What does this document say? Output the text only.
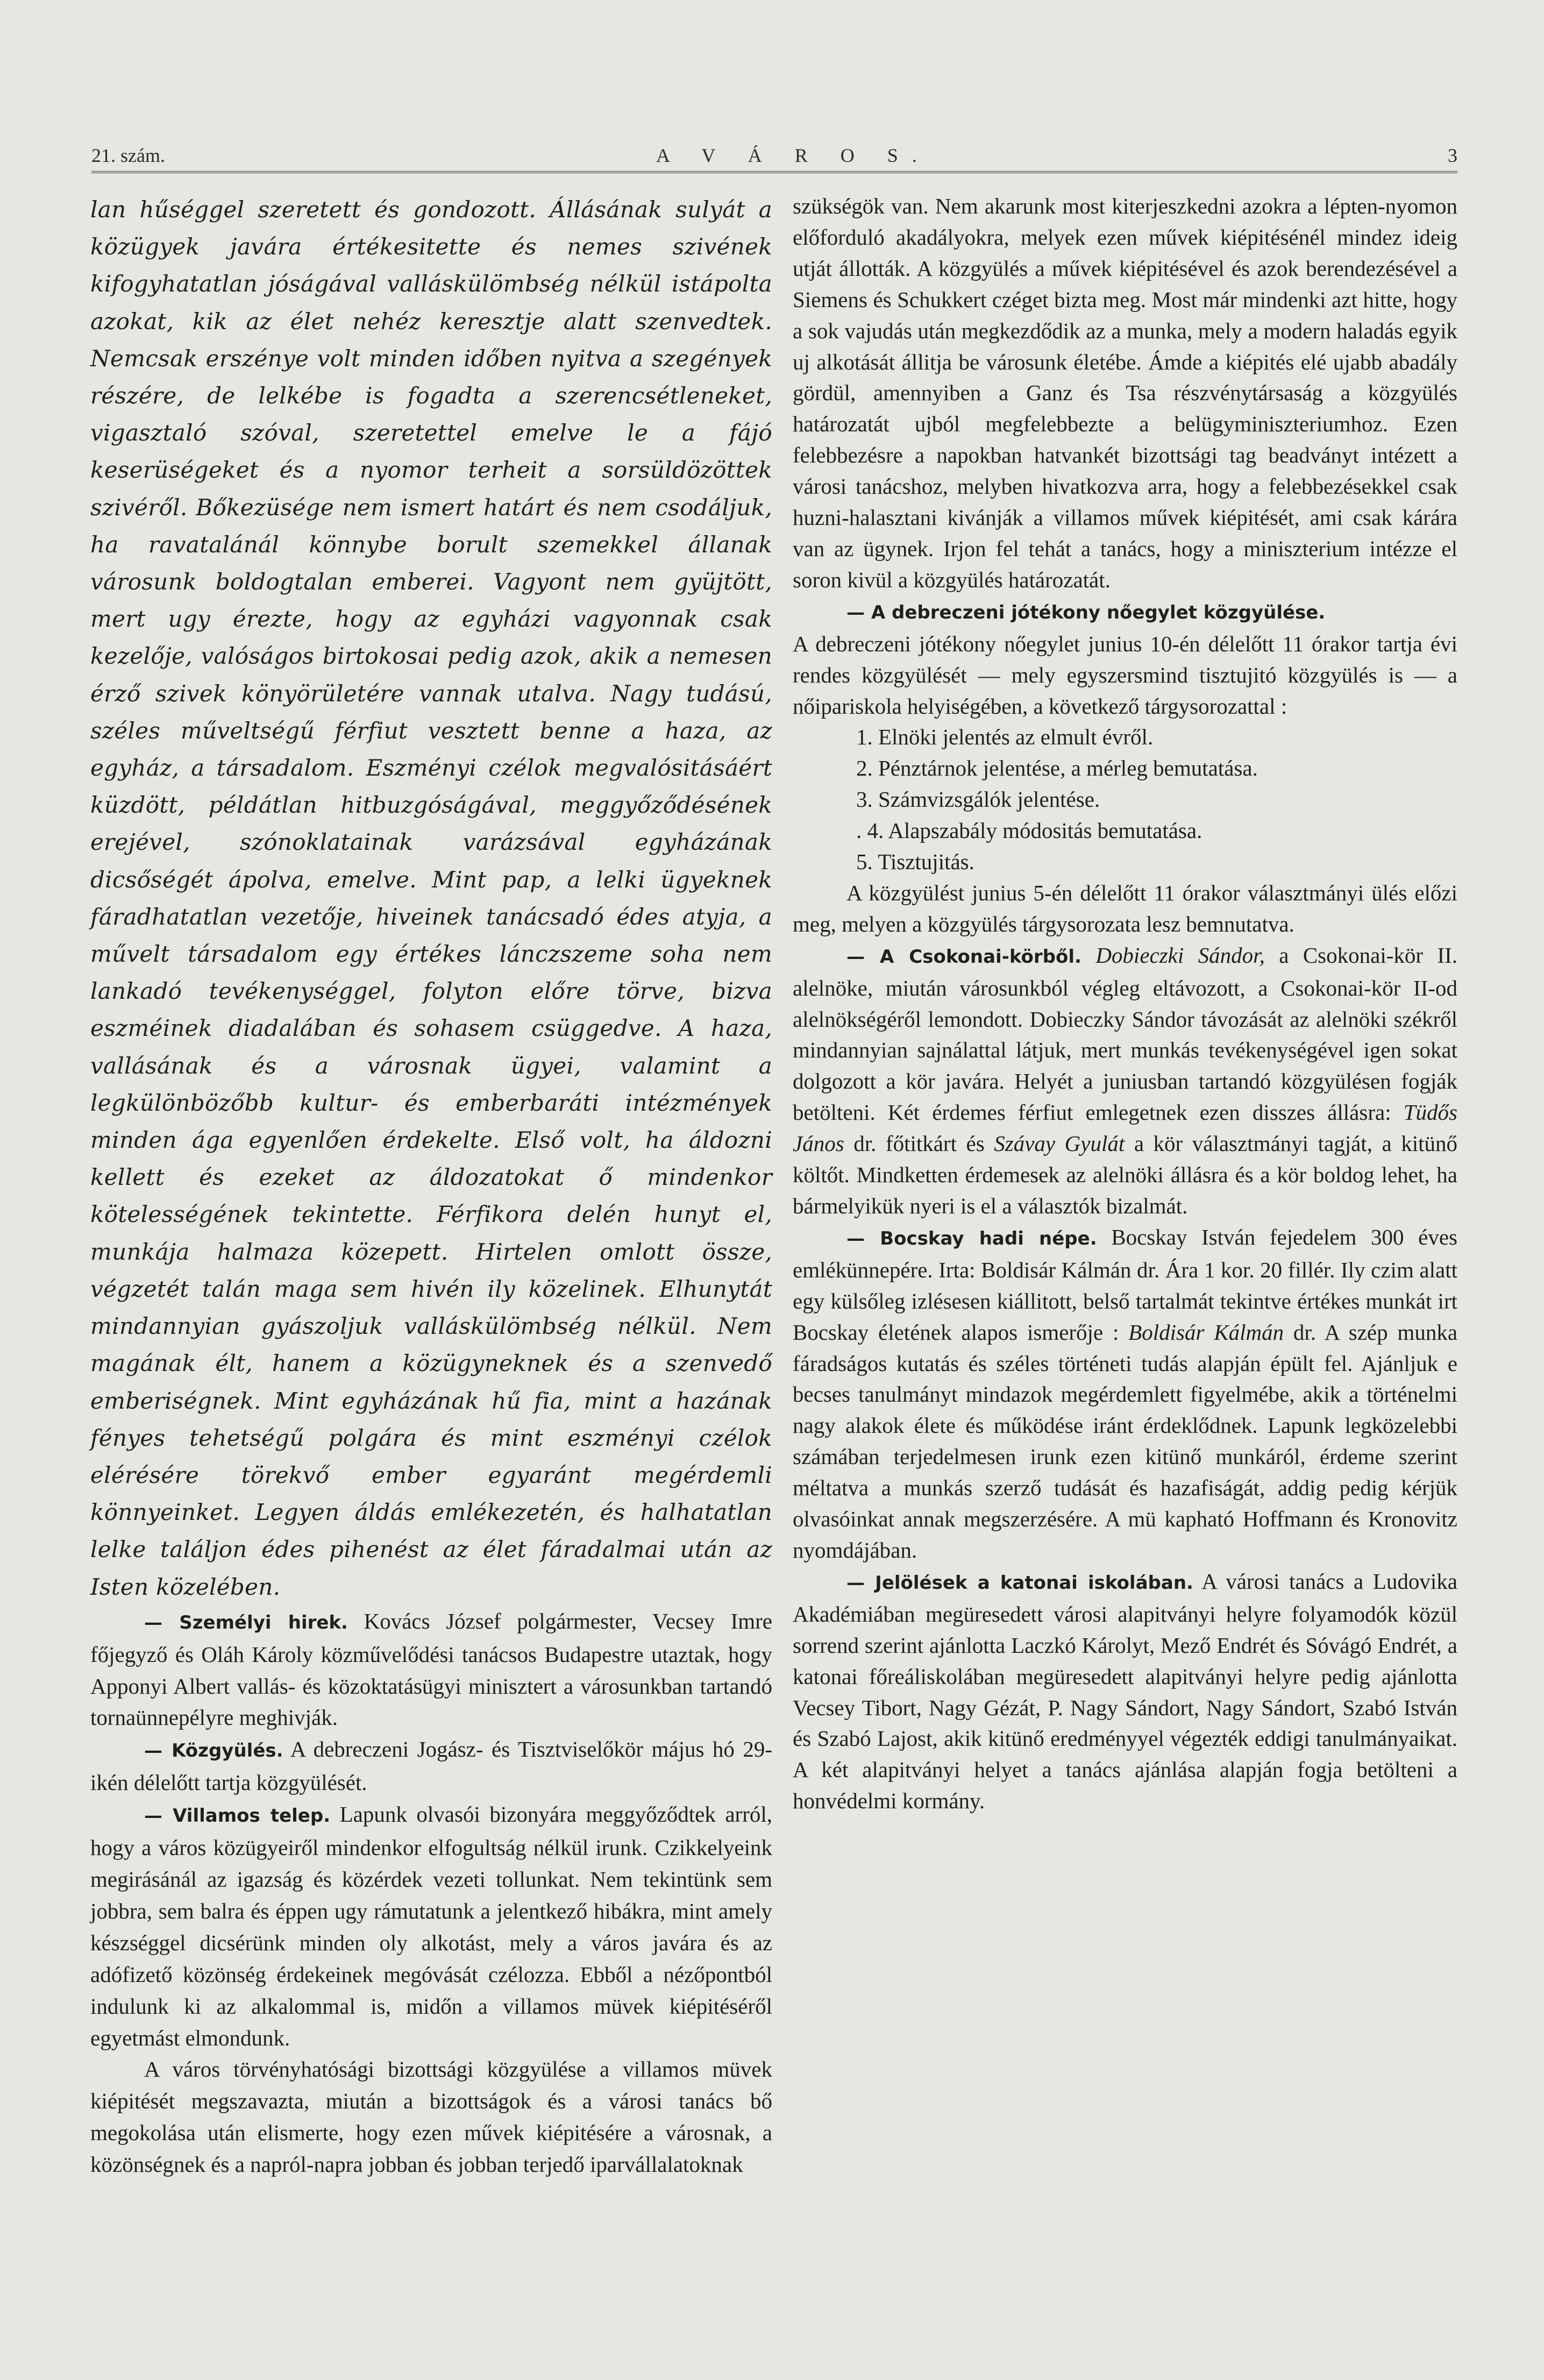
21. szám.	A V Á R O S.	3

lan hűséggel szeretett és gondozott. Állásának sulyát a közügyek javára értékesitette és nemes szivének kifogyhatatlan jóságával valláskülömbség nélkül istápolta azokat, kik az élet nehéz keresztje alatt szenvedtek. Nemcsak erszénye volt minden időben nyitva a szegények részére, de lelkébe is fogadta a szerencsétleneket, vigasztaló szóval, szeretettel emelve le a fájó keserüségeket és a nyomor terheit a sorsüldözöttek szivéről. Bőkezüsége nem ismert határt és nem csodáljuk, ha ravatalánál könnybe borult szemekkel állanak városunk boldogtalan emberei. Vagyont nem gyüjtött, mert ugy érezte, hogy az egyházi vagyonnak csak kezelője, valóságos birtokosai pedig azok, akik a nemesen érző szivek könyörületére vannak utalva. Nagy tudású, széles műveltségű férfiut vesztett benne a haza, az egyház, a társadalom. Eszményi czélok megvalósitásáért küzdött, példátlan hitbuzgóságával, meggyőződésének erejével, szónoklatainak varázsával egyházának dicsőségét ápolva, emelve. Mint pap, a lelki ügyeknek fáradhatatlan vezetője, hiveinek tanácsadó édes atyja, a művelt társadalom egy értékes lánczszeme soha nem lankadó tevékenységgel, folyton előre törve, bizva eszméinek diadalában és sohasem csüggedve. A haza, vallásának és a városnak ügyei, valamint a legkülönbözőbb kultur- és emberbaráti intézmények minden ága egyenlően érdekelte. Első volt, ha áldozni kellett és ezeket az áldozatokat ő mindenkor kötelességének tekintette. Férfikora delén hunyt el, munkája halmaza közepett. Hirtelen omlott össze, végzetét talán maga sem hivén ily közelinek. Elhunytát mindannyian gyászoljuk valláskülömbség nélkül. Nem magának élt, hanem a közügyneknek és a szenvedő emberiségnek. Mint egyházának hű fia, mint a hazának fényes tehetségű polgára és mint eszményi czélok elérésére törekvő ember egyaránt megérdemli könnyeinket. Legyen áldás emlékezetén, és halhatatlan lelke találjon édes pihenést az élet fáradalmai után az Isten közelében.

— Személyi hirek. Kovács József polgármester, Vecsey Imre főjegyző és Oláh Károly közművelődési tanácsos Budapestre utaztak, hogy Apponyi Albert vallás- és közoktatásügyi minisztert a városunkban tartandó tornaünnepélyre meghivják.

— Közgyülés. A debreczeni Jogász- és Tisztviselőkör május hó 29-ikén délelőtt tartja közgyülését.

— Villamos telep. Lapunk olvasói bizonyára meggyőződtek arról, hogy a város közügyeiről mindenkor elfogultság nélkül irunk. Czikkelyeink megirásánál az igazság és közérdek vezeti tollunkat. Nem tekintünk sem jobbra, sem balra és éppen ugy rámutatunk a jelentkező hibákra, mint amely készséggel dicsérünk minden oly alkotást, mely a város javára és az adófizető közönség érdekeinek megóvását czélozza. Ebből a nézőpontból indulunk ki az alkalommal is, midőn a villamos müvek kiépitéséről egyetmást elmondunk.

A város törvényhatósági bizottsági közgyülése a villamos müvek kiépitését megszavazta, miután a bizottságok és a városi tanács bő megokolása után elismerte, hogy ezen művek kiépitésére a városnak, a közönségnek és a napról-napra jobban és jobban terjedő iparvállalatoknak

szükségök van. Nem akarunk most kiterjeszkedni azokra a lépten-nyomon előforduló akadályokra, melyek ezen művek kiépitésénél mindez ideig utját állották. A közgyülés a művek kiépitésével és azok berendezésével a Siemens és Schukkert czéget bizta meg. Most már mindenki azt hitte, hogy a sok vajudás után megkezdődik az a munka, mely a modern haladás egyik uj alkotását állitja be városunk életébe. Ámde a kiépités elé ujabb abadály gördül, amennyiben a Ganz és Tsa részvénytársaság a közgyülés határozatát ujból megfelebbezte a belügyminiszteriumhoz. Ezen felebbezésre a napokban hatvankét bizottsági tag beadványt intézett a városi tanácshoz, melyben hivatkozva arra, hogy a felebbezésekkel csak huzni-halasztani kivánják a villamos művek kiépitését, ami csak kárára van az ügynek. Irjon fel tehát a tanács, hogy a miniszterium intézze el soron kivül a közgyülés határozatát.

— A debreczeni jótékony nőegylet közgyülése.

A debreczeni jótékony nőegylet junius 10-én délelőtt 11 órakor tartja évi rendes közgyülését — mely egyszersmind tisztujitó közgyülés is — a nőipariskola helyiségében, a következő tárgysorozattal :

1. Elnöki jelentés az elmult évről.
2. Pénztárnok jelentése, a mérleg bemutatása.
3. Számvizsgálók jelentése.
. 4. Alapszabály módositás bemutatása.
5. Tisztujitás.

A közgyülést junius 5-én délelőtt 11 órakor választmányi ülés előzi meg, melyen a közgyülés tárgysorozata lesz bemnutatva.

— A Csokonai-körből. Dobieczki Sándor, a Csokonai-kör II. alelnöke, miután városunkból végleg eltávozott, a Csokonai-kör II-od alelnökségéről lemondott. Dobieczky Sándor távozását az alelnöki székről mindannyian sajnálattal látjuk, mert munkás tevékenységével igen sokat dolgozott a kör javára. Helyét a juniusban tartandó közgyülésen fogják betölteni. Két érdemes férfiut emlegetnek ezen disszes állásra: Tüdős János dr. főtitkárt és Szávay Gyulát a kör választmányi tagját, a kitünő költőt. Mindketten érdemesek az alelnöki állásra és a kör boldog lehet, ha bármelyikük nyeri is el a választók bizalmát.

— Bocskay hadi népe. Bocskay István fejedelem 300 éves emlékünnepére. Irta: Boldisár Kálmán dr. Ára 1 kor. 20 fillér. Ily czim alatt egy külsőleg izlésesen kiállitott, belső tartalmát tekintve értékes munkát irt Bocskay életének alapos ismerője : Boldisár Kálmán dr. A szép munka fáradságos kutatás és széles történeti tudás alapján épült fel. Ajánljuk e becses tanulmányt mindazok megérdemlett figyelmébe, akik a történelmi nagy alakok élete és működése iránt érdeklődnek. Lapunk legközelebbi számában terjedelmesen irunk ezen kitünő munkáról, érdeme szerint méltatva a munkás szerző tudását és hazafiságát, addig pedig kérjük olvasóinkat annak megszerzésére. A mü kapható Hoffmann és Kronovitz nyomdájában.

— Jelölések a katonai iskolában. A városi tanács a Ludovika Akadémiában megüresedett városi alapitványi helyre folyamodók közül sorrend szerint ajánlotta Laczkó Károlyt, Mező Endrét és Sóvágó Endrét, a katonai főreáliskolában megüresedett alapitványi helyre pedig ajánlotta Vecsey Tibort, Nagy Gézát, P. Nagy Sándort, Nagy Sándort, Szabó István és Szabó Lajost, akik kitünő eredményyel végezték eddigi tanulmányaikat. A két alapitványi helyet a tanács ajánlása alapján fogja betölteni a honvédelmi kormány.
